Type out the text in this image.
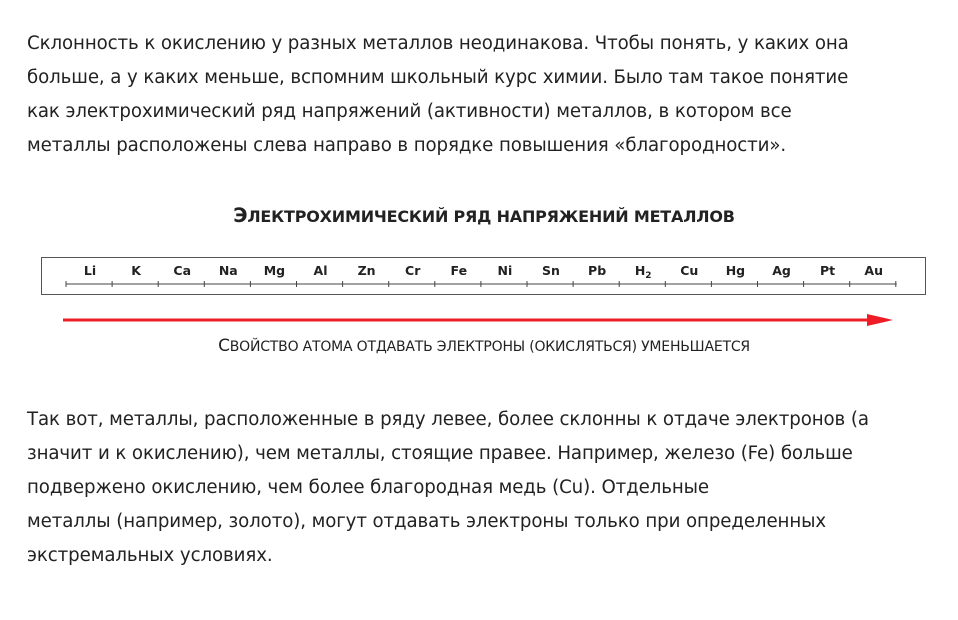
Склонность к окислению у разных металлов неодинакова. Чтобы понять, у каких она
больше, а у каких меньше, вспомним школьный курс химии. Было там такое понятие
как электрохимический ряд напряжений (активности) металлов, в котором все
металлы расположены слева направо в порядке повышения «благородности».

ЭЛЕКТРОХИМИЧЕСКИЙ РЯД НАПРЯЖЕНИЙ МЕТАЛЛОВ
Li	K	Ca Na Mg Al Zn Cr Fe Ni Sn Pb $H_2$ Cu Hg Ag Pt Au
СВОЙСТВО АТОМА ОТДАВАТЬ ЭЛЕКТРОНЫ (ОКИСЛЯТЬСЯ) УМЕНЬШАЕТСЯ

Так вот, металлы, расположенные в ряду левее, более склонны к отдаче электронов (а
значит и к окислению), чем металлы, стоящие правее. Например, железо (Fe) больше
подвержено окислению, чем более благородная медь (Cu). Отдельные
металлы (например, золото), могут отдавать электроны только при определенных
экстремальных условиях.
